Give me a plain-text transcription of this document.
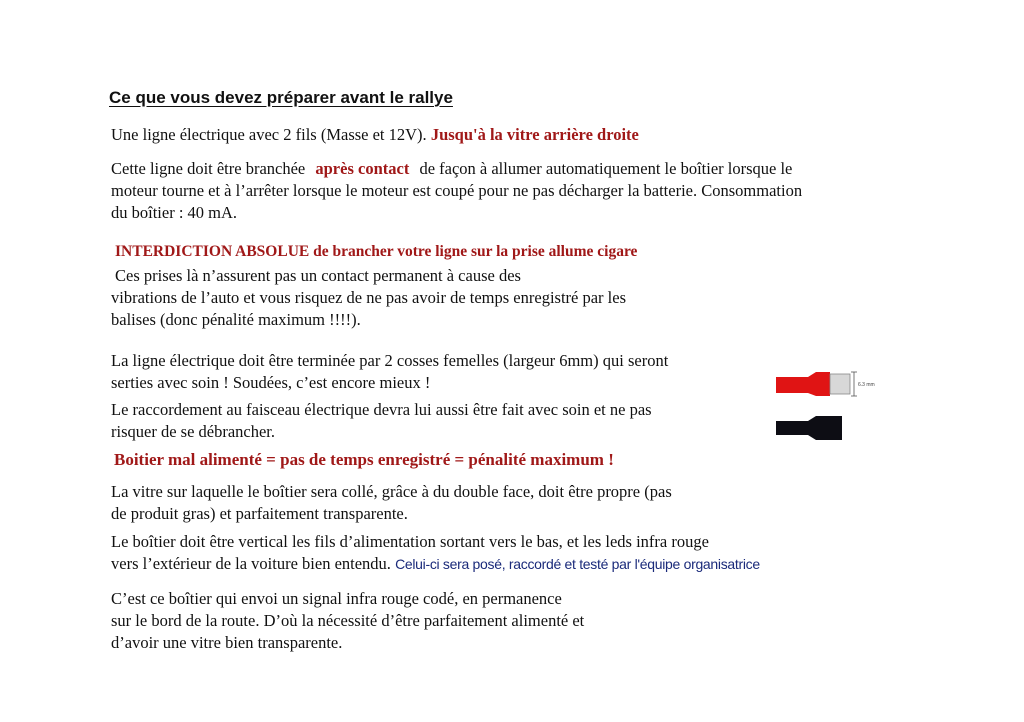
Ce que vous devez préparer avant le rallye
Une ligne électrique avec 2 fils (Masse et 12V). Jusqu'à la vitre arrière droite
Cette ligne doit être branchée après contact de façon à allumer automatiquement le boîtier lorsque le
moteur tourne et à l’arrêter lorsque le moteur est coupé pour ne pas décharger la batterie. Consommation
du boîtier : 40 mA.
INTERDICTION ABSOLUE de brancher votre ligne sur la prise allume cigare
Ces prises là n’assurent pas un contact permanent à cause des
vibrations de l’auto et vous risquez de ne pas avoir de temps enregistré par les
balises (donc pénalité maximum !!!!).
La ligne électrique doit être terminée par 2 cosses femelles (largeur 6mm) qui seront
serties avec soin ! Soudées, c’est encore mieux !
Le raccordement au faisceau électrique devra lui aussi être fait avec soin et ne pas
risquer de se débrancher.
Boitier mal alimenté = pas de temps enregistré = pénalité maximum !
La vitre sur laquelle le boîtier sera collé, grâce à du double face, doit être propre (pas
de produit gras) et parfaitement transparente.
Le boîtier doit être vertical les fils d’alimentation sortant vers le bas, et les leds infra rouge
vers l’extérieur de la voiture bien entendu. Celui-ci sera posé, raccordé et testé par l'équipe organisatrice
C’est ce boîtier qui envoi un signal infra rouge codé, en permanence
sur le bord de la route. D’où la nécessité d’être parfaitement alimenté et
d’avoir une vitre bien transparente.
6.3 mm
